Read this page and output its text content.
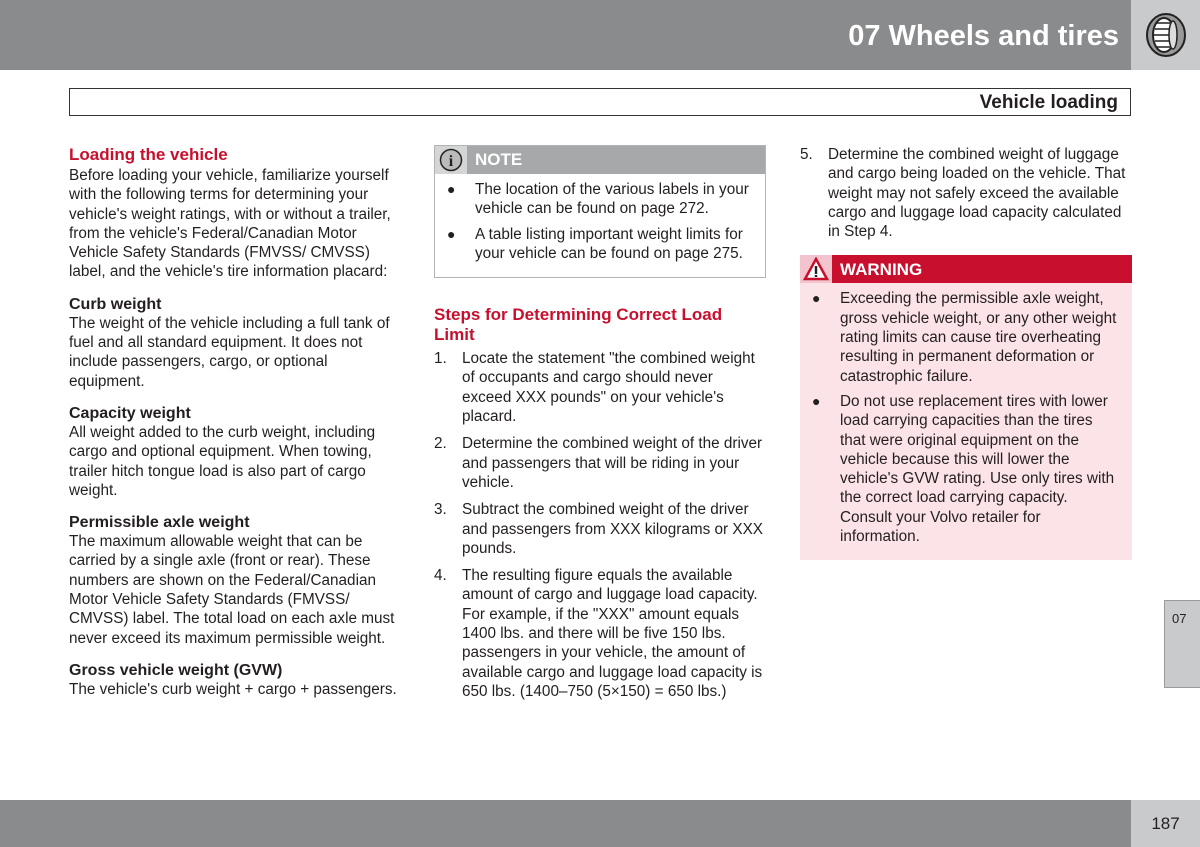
07 Wheels and tires
Vehicle loading
Loading the vehicle

Before loading your vehicle, familiarize yourself with the following terms for determining your vehicle's weight ratings, with or without a trailer, from the vehicle's Federal/Canadian Motor Vehicle Safety Standards (FMVSS/ CMVSS) label, and the vehicle's tire information placard:

Curb weight

The weight of the vehicle including a full tank of fuel and all standard equipment. It does not include passengers, cargo, or optional equipment.

Capacity weight

All weight added to the curb weight, including cargo and optional equipment. When towing, trailer hitch tongue load is also part of cargo weight.

Permissible axle weight

The maximum allowable weight that can be carried by a single axle (front or rear). These numbers are shown on the Federal/Canadian Motor Vehicle Safety Standards (FMVSS/ CMVSS) label. The total load on each axle must never exceed its maximum permissible weight.

Gross vehicle weight (GVW)

The vehicle's curb weight + cargo + passengers.

i NOTE
●	The location of the various labels in your vehicle can be found on page 272.
●	A table listing important weight limits for your vehicle can be found on page 275.
Steps for Determining Correct Load Limit
1. Locate the statement "the combined weight of occupants and cargo should never exceed XXX pounds" on your vehicle's placard.
2. Determine the combined weight of the driver and passengers that will be riding in your vehicle.
3. Subtract the combined weight of the driver and passengers from XXX kilograms or XXX pounds.
4. The resulting figure equals the available amount of cargo and luggage load capacity. For example, if the "XXX" amount equals 1400 lbs. and there will be five 150 lbs. passengers in your vehicle, the amount of available cargo and luggage load capacity is 650 lbs. (1400–750 (5×150) = 650 lbs.)
5. Determine the combined weight of luggage and cargo being loaded on the vehicle. That weight may not safely exceed the available cargo and luggage load capacity calculated in Step 4.
WARNING
●	Exceeding the permissible axle weight, gross vehicle weight, or any other weight rating limits can cause tire overheating resulting in permanent deformation or catastrophic failure.
●	Do not use replacement tires with lower load carrying capacities than the tires that were original equipment on the vehicle because this will lower the vehicle's GVW rating. Use only tires with the correct load carrying capacity. Consult your Volvo retailer for information.
07
187
